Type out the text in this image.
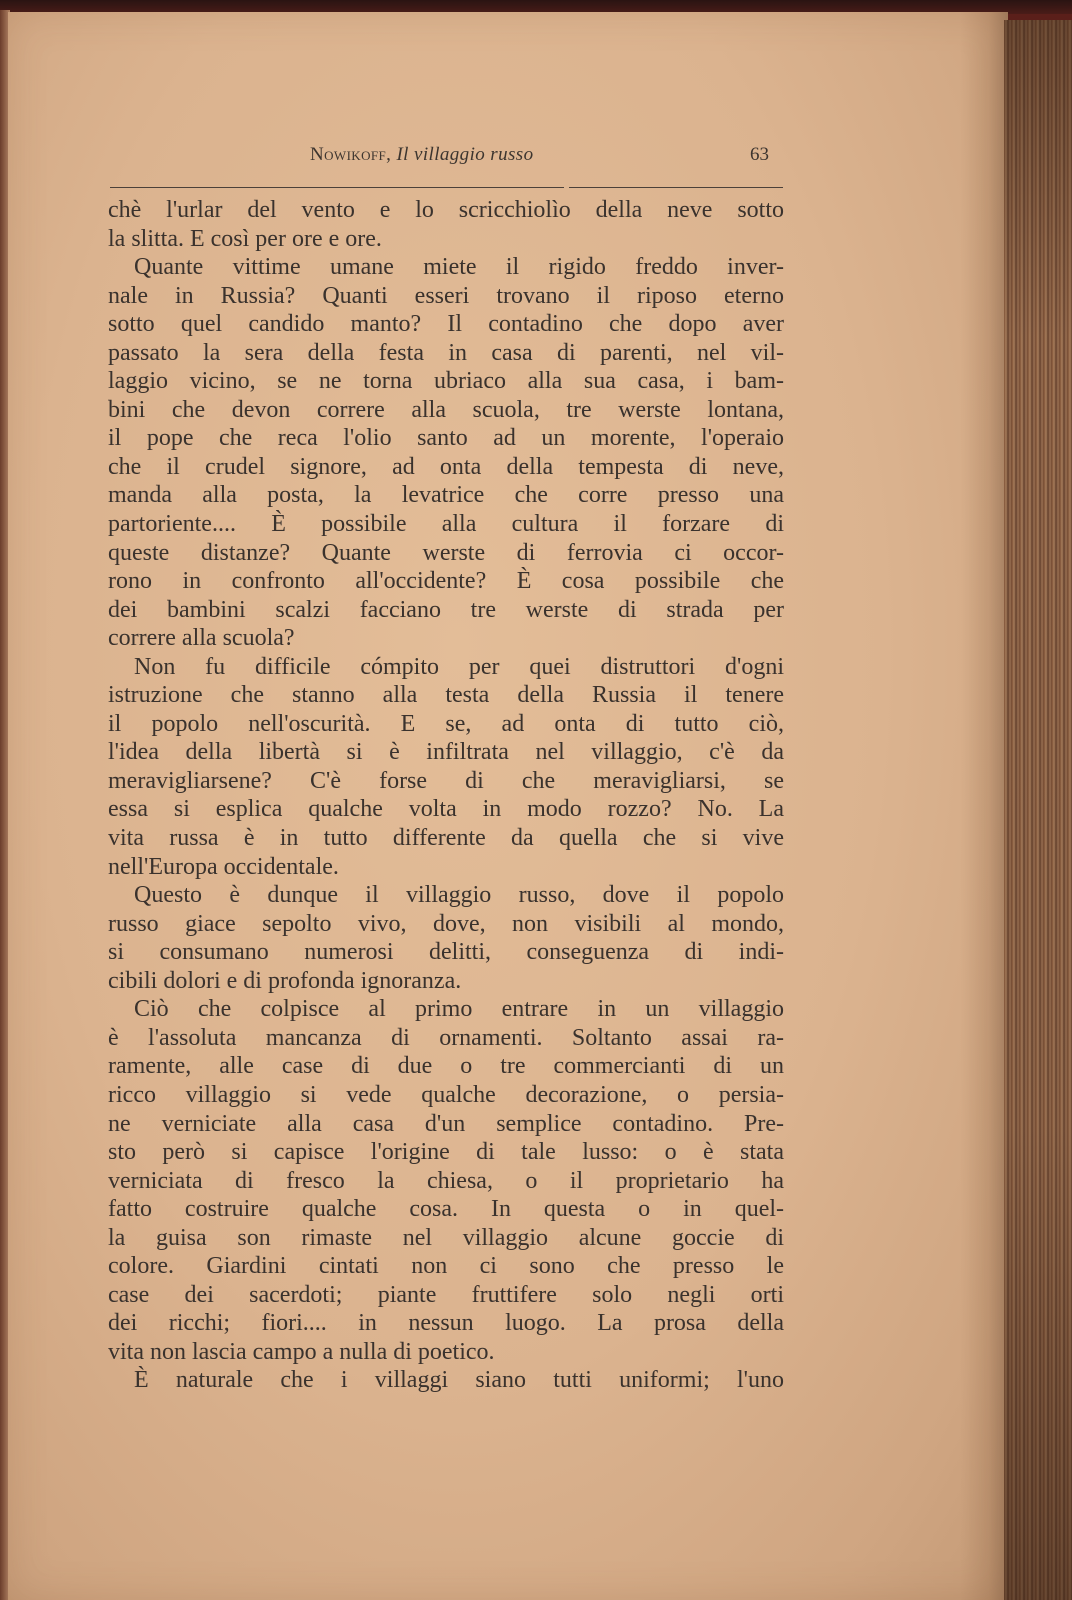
Nowikoff, Il villaggio russo	63
chè l'urlar del vento e lo scricchiolìo della neve sotto
la slitta. E così per ore e ore.
Quante vittime umane miete il rigido freddo inver-
nale in Russia? Quanti esseri trovano il riposo eterno
sotto quel candido manto? Il contadino che dopo aver
passato la sera della festa in casa di parenti, nel vil-
laggio vicino, se ne torna ubriaco alla sua casa, i bam-
bini che devon correre alla scuola, tre werste lontana,
il pope che reca l'olio santo ad un morente, l'operaio
che il crudel signore, ad onta della tempesta di neve,
manda alla posta, la levatrice che corre presso una
partoriente.... È possibile alla cultura il forzare di
queste distanze? Quante werste di ferrovia ci occor-
rono in confronto all'occidente? È cosa possibile che
dei bambini scalzi facciano tre werste di strada per
correre alla scuola?
Non fu difficile cómpito per quei distruttori d'ogni
istruzione che stanno alla testa della Russia il tenere
il popolo nell'oscurità. E se, ad onta di tutto ciò,
l'idea della libertà si è infiltrata nel villaggio, c'è da
meravigliarsene? C'è forse di che meravigliarsi, se
essa si esplica qualche volta in modo rozzo? No. La
vita russa è in tutto differente da quella che si vive
nell'Europa occidentale.
Questo è dunque il villaggio russo, dove il popolo
russo giace sepolto vivo, dove, non visibili al mondo,
si consumano numerosi delitti, conseguenza di indi-
cibili dolori e di profonda ignoranza.
Ciò che colpisce al primo entrare in un villaggio
è l'assoluta mancanza di ornamenti. Soltanto assai ra-
ramente, alle case di due o tre commercianti di un
ricco villaggio si vede qualche decorazione, o persia-
ne verniciate alla casa d'un semplice contadino. Pre-
sto però si capisce l'origine di tale lusso: o è stata
verniciata di fresco la chiesa, o il proprietario ha
fatto costruire qualche cosa. In questa o in quel-
la guisa son rimaste nel villaggio alcune goccie di
colore. Giardini cintati non ci sono che presso le
case dei sacerdoti; piante fruttifere solo negli orti
dei ricchi; fiori.... in nessun luogo. La prosa della
vita non lascia campo a nulla di poetico.
È naturale che i villaggi siano tutti uniformi; l'uno
